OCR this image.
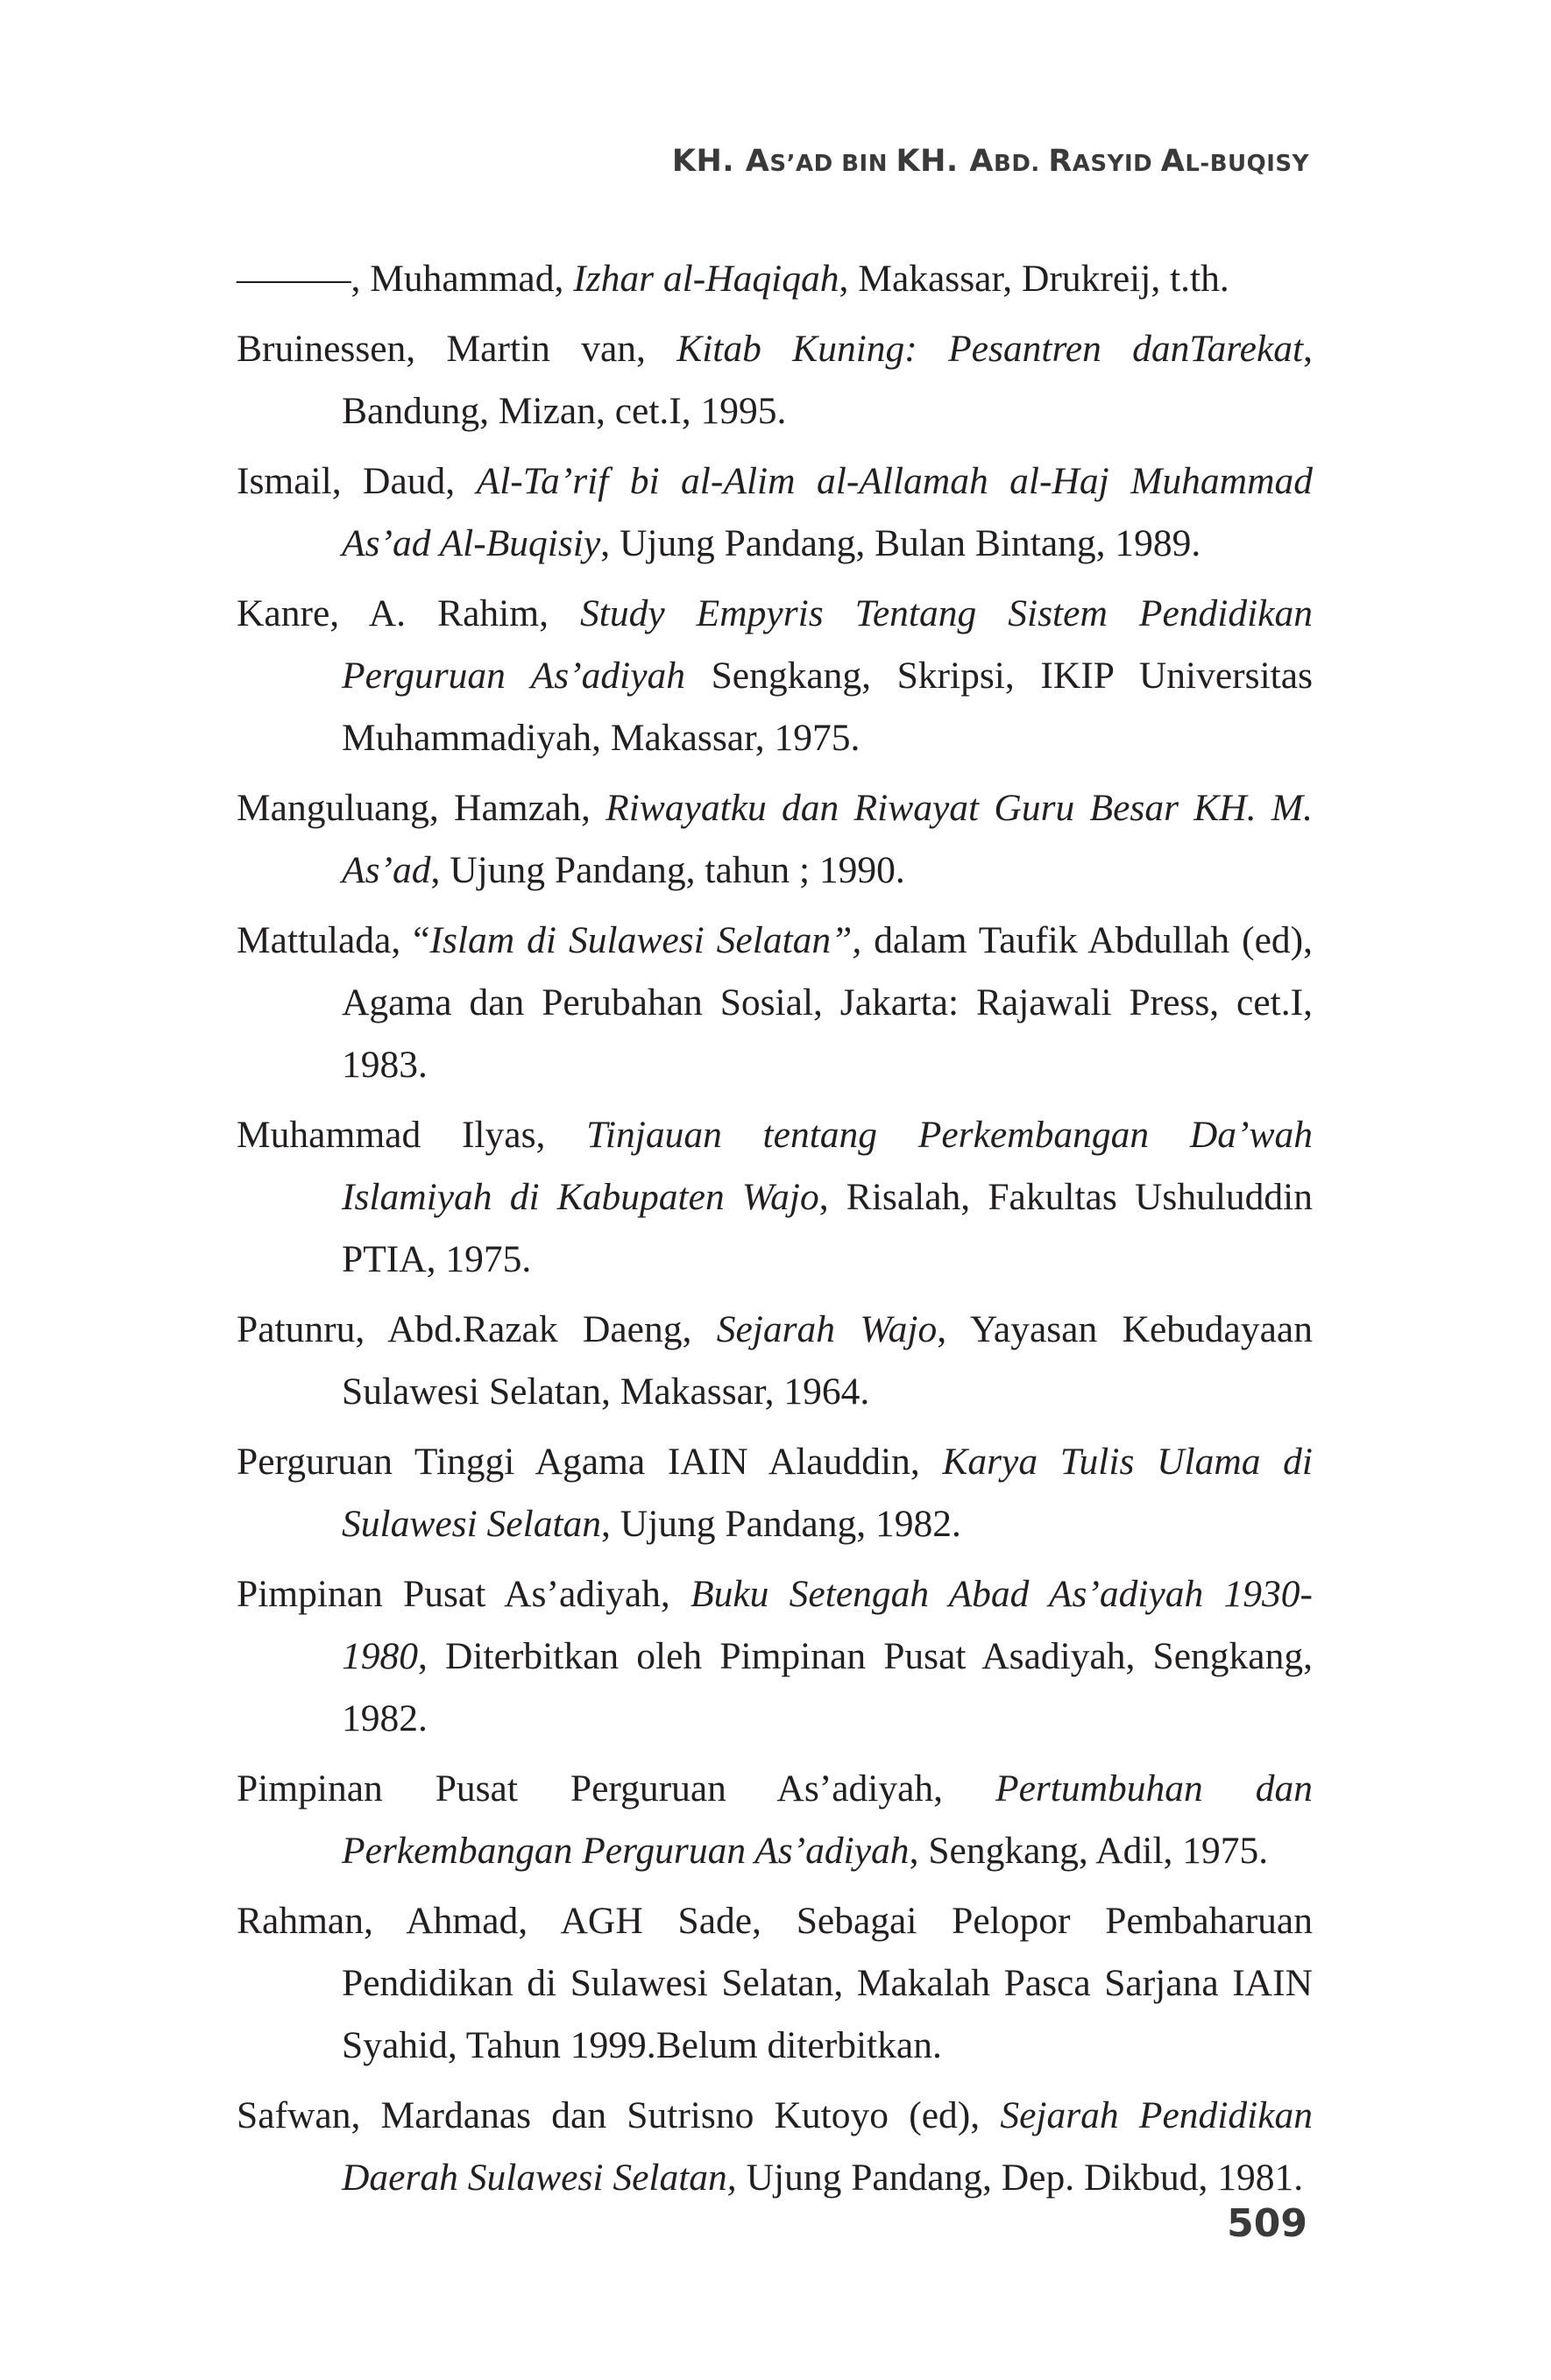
KH. AS’AD BIN KH. ABD. RASYID AL-BUQISY
———, Muhammad, Izhar al-Haqiqah, Makassar, Drukreij, t.th.
Bruinessen, Martin van, Kitab Kuning: Pesantren danTarekat, Bandung, Mizan, cet.I, 1995.
Ismail, Daud, Al-Ta’rif bi al-Alim al-Allamah al-Haj Muhammad As’ad Al-Buqisiy, Ujung Pandang, Bulan Bintang, 1989.
Kanre, A. Rahim, Study Empyris Tentang Sistem Pendidikan Perguruan As’adiyah Sengkang, Skripsi, IKIP Universitas Muhammadiyah, Makassar, 1975.
Manguluang, Hamzah, Riwayatku dan Riwayat Guru Besar KH. M. As’ad, Ujung Pandang, tahun ; 1990.
Mattulada, “Islam di Sulawesi Selatan”, dalam Taufik Abdullah (ed), Agama dan Perubahan Sosial, Jakarta: Rajawali Press, cet.I, 1983.
Muhammad Ilyas, Tinjauan tentang Perkembangan Da’wah Islamiyah di Kabupaten Wajo, Risalah, Fakultas Ushuluddin PTIA, 1975.
Patunru, Abd.Razak Daeng, Sejarah Wajo, Yayasan Kebudayaan Sulawesi Selatan, Makassar, 1964.
Perguruan Tinggi Agama IAIN Alauddin, Karya Tulis Ulama di Sulawesi Selatan, Ujung Pandang, 1982.
Pimpinan Pusat As’adiyah, Buku Setengah Abad As’adiyah 1930-1980, Diterbitkan oleh Pimpinan Pusat Asadiyah, Sengkang, 1982.
Pimpinan Pusat Perguruan As’adiyah, Pertumbuhan dan Perkembangan Perguruan As’adiyah, Sengkang, Adil, 1975.
Rahman, Ahmad, AGH Sade, Sebagai Pelopor Pembaharuan Pendidikan di Sulawesi Selatan, Makalah Pasca Sarjana IAIN Syahid, Tahun 1999.Belum diterbitkan.
Safwan, Mardanas dan Sutrisno Kutoyo (ed), Sejarah Pendidikan Daerah Sulawesi Selatan, Ujung Pandang, Dep. Dikbud, 1981.
509
